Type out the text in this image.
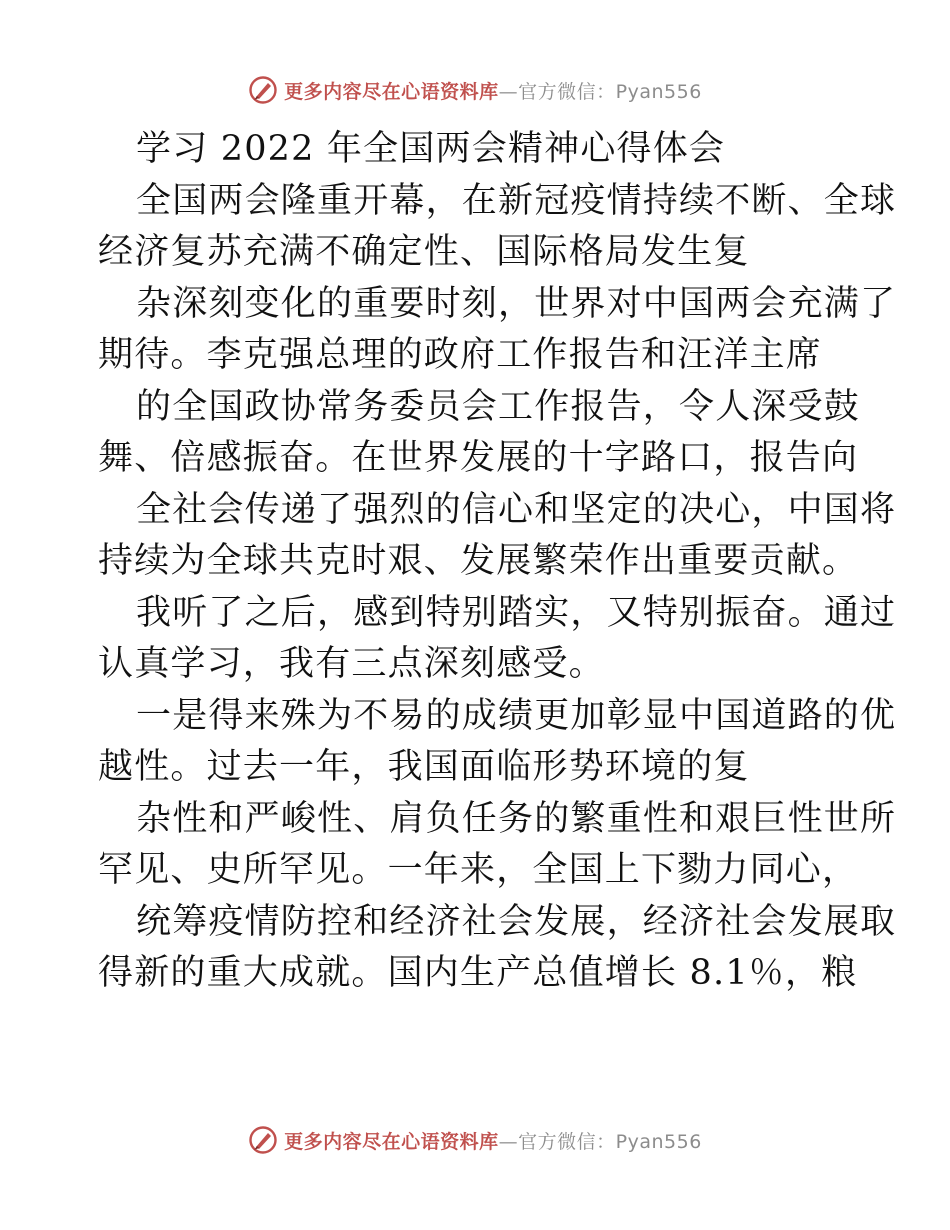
更多内容尽在心语资料库—官方微信：Pyan556
学习 2022 年全国两会精神心得体会
全国两会隆重开幕，在新冠疫情持续不断、全球
经济复苏充满不确定性、国际格局发生复
杂深刻变化的重要时刻，世界对中国两会充满了
期待。李克强总理的政府工作报告和汪洋主席
的全国政协常务委员会工作报告，令人深受鼓
舞、倍感振奋。在世界发展的十字路口，报告向
全社会传递了强烈的信心和坚定的决心，中国将
持续为全球共克时艰、发展繁荣作出重要贡献。
我听了之后，感到特别踏实，又特别振奋。通过
认真学习，我有三点深刻感受。
一是得来殊为不易的成绩更加彰显中国道路的优
越性。过去一年，我国面临形势环境的复
杂性和严峻性、肩负任务的繁重性和艰巨性世所
罕见、史所罕见。一年来，全国上下勠力同心，
统筹疫情防控和经济社会发展，经济社会发展取
得新的重大成就。国内生产总值增长 8.1％，粮
更多内容尽在心语资料库—官方微信：Pyan556
